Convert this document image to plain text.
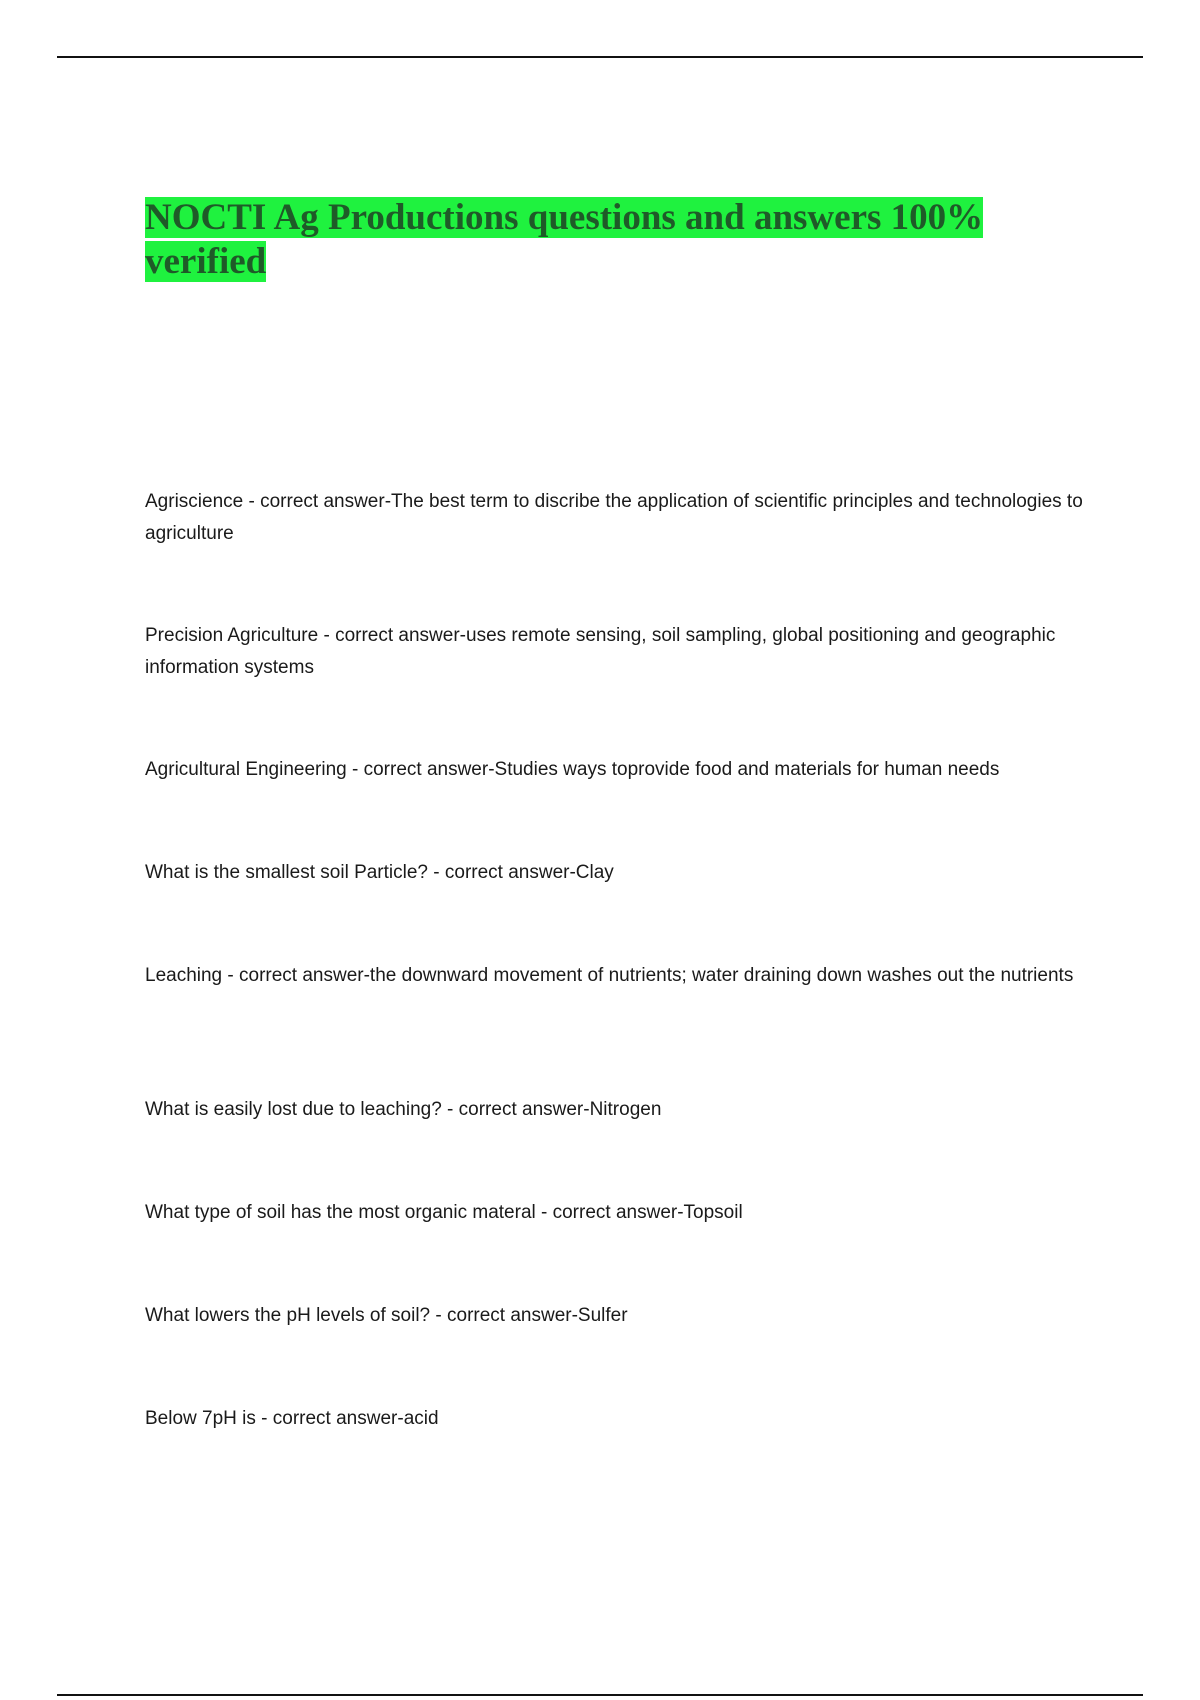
NOCTI Ag Productions questions and answers 100% verified
Agriscience - correct answer-The best term to discribe the application of scientific principles and technologies to agriculture
Precision Agriculture - correct answer-uses remote sensing, soil sampling, global positioning and geographic information systems
Agricultural Engineering - correct answer-Studies ways toprovide food and materials for human needs
What is the smallest soil Particle? - correct answer-Clay
Leaching - correct answer-the downward movement of nutrients; water draining down washes out the nutrients
What is easily lost due to leaching? - correct answer-Nitrogen
What type of soil has the most organic materal - correct answer-Topsoil
What lowers the pH levels of soil? - correct answer-Sulfer
Below 7pH is - correct answer-acid
